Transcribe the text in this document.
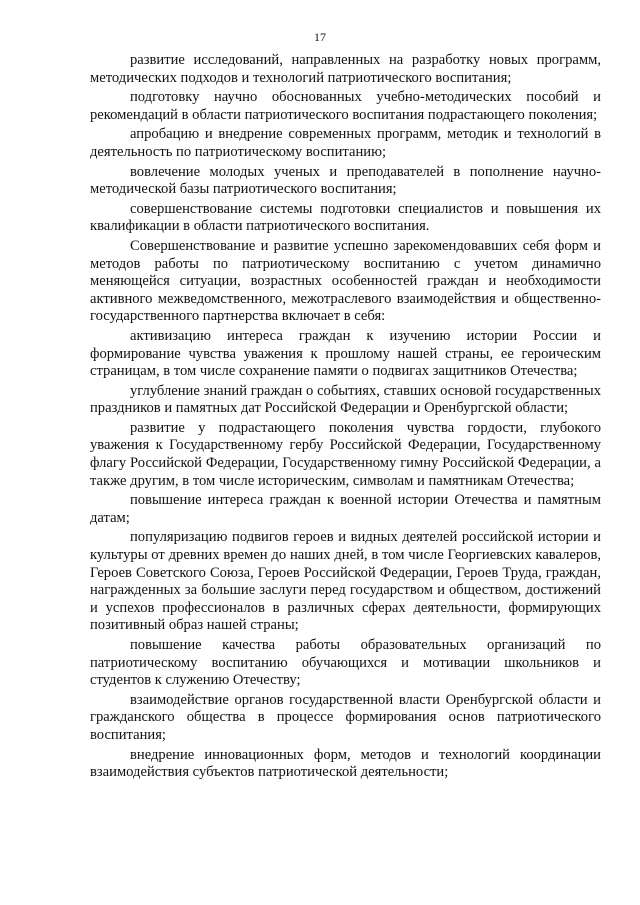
17

развитие исследований, направленных на разработку новых программ, методических подходов и технологий патриотического воспитания;

подготовку научно обоснованных учебно-методических пособий и рекомендаций в области патриотического воспитания подрастающего поколения;

апробацию и внедрение современных программ, методик и технологий в деятельность по патриотическому воспитанию;

вовлечение молодых ученых и преподавателей в пополнение научно-методической базы патриотического воспитания;

совершенствование системы подготовки специалистов и повышения их квалификации в области патриотического воспитания.

Совершенствование и развитие успешно зарекомендовавших себя форм и методов работы по патриотическому воспитанию с учетом динамично меняющейся ситуации, возрастных особенностей граждан и необходимости активного межведомственного, межотраслевого взаимодействия и общественно-государственного партнерства включает в себя:

активизацию интереса граждан к изучению истории России и формирование чувства уважения к прошлому нашей страны, ее героическим страницам, в том числе сохранение памяти о подвигах защитников Отечества;

углубление знаний граждан о событиях, ставших основой государственных праздников и памятных дат Российской Федерации и Оренбургской области;

развитие у подрастающего поколения чувства гордости, глубокого уважения к Государственному гербу Российской Федерации, Государственному флагу Российской Федерации, Государственному гимну Российской Федерации, а также другим, в том числе историческим, символам и памятникам Отечества;

повышение интереса граждан к военной истории Отечества и памятным датам;

популяризацию подвигов героев и видных деятелей российской истории и культуры от древних времен до наших дней, в том числе Георгиевских кавалеров, Героев Советского Союза, Героев Российской Федерации, Героев Труда, граждан, награжденных за большие заслуги перед государством и обществом, достижений и успехов профессионалов в различных сферах деятельности, формирующих позитивный образ нашей страны;

повышение качества работы образовательных организаций по патриотическому воспитанию обучающихся и мотивации школьников и студентов к служению Отечеству;

взаимодействие органов государственной власти Оренбургской области и гражданского общества в процессе формирования основ патриотического воспитания;

внедрение инновационных форм, методов и технологий координации взаимодействия субъектов патриотической деятельности;
